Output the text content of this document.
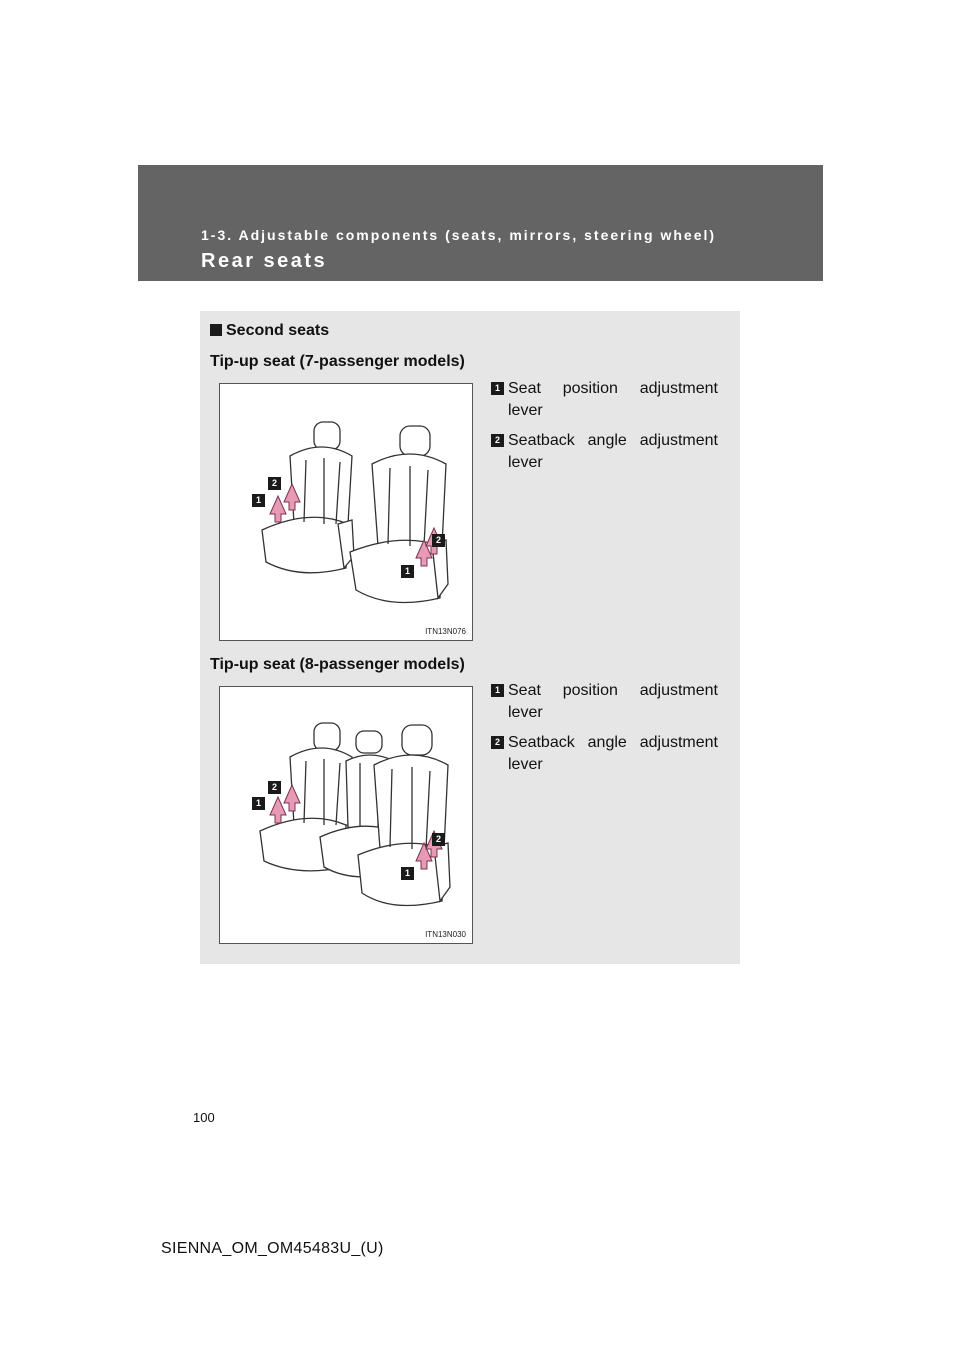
1-3. Adjustable components (seats, mirrors, steering wheel)
Rear seats
Second seats
Tip-up seat (7-passenger models)
1
2
2
1
ITN13N076
1 Seat position adjustment lever
2 Seatback angle adjustment lever
Tip-up seat (8-passenger models)
1
2
2
1
ITN13N030
1 Seat position adjustment lever
2 Seatback angle adjustment lever
100
SIENNA_OM_OM45483U_(U)
